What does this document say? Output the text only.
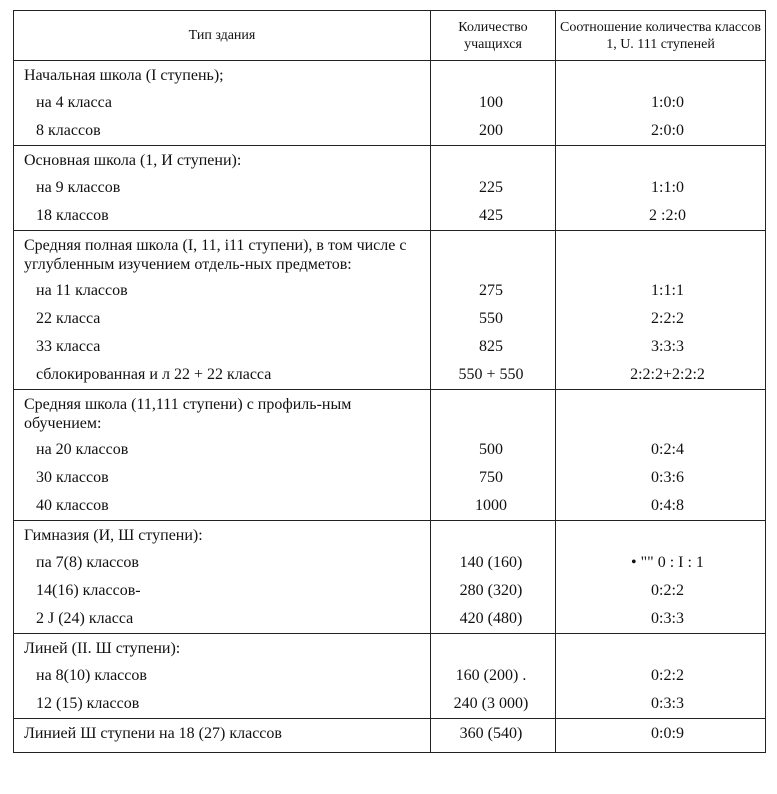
Тип здания	Количество учащихся	Соотношение количества классов 1, U. 111 ступеней
Начальная школа (I ступень);		
на 4 класса	100	1:0:0
8 классов	200	2:0:0
Основная школа (1, И ступени):		
на 9 классов	225	1:1:0
18 классов	425	2 :2:0
Средняя полная школа (I, 11, i11 ступени), в том числе с углубленным изучением отдель-ных предметов:		
на 11 классов	275	1:1:1
22 класса	550	2:2:2
33 класса	825	3:3:3
сблокированная и л 22 + 22 класса	550 + 550	2:2:2+2:2:2
Средняя школа (11,111 ступени) с профиль-ным обучением:		
на 20 классов	500	0:2:4
30 классов	750	0:3:6
40 классов	1000	0:4:8
Гимназия (И, Ш ступени):		
па 7(8) классов	140 (160)	• "" 0 : I : 1
14(16) классов-	280 (320)	0:2:2
2 J (24) класса	420 (480)	0:3:3
Линей (II. Ш ступени):		
на 8(10) классов	160 (200) .	0:2:2
12 (15) классов	240 (3 000)	0:3:3
Линией Ш ступени на 18 (27) классов	360 (540)	0:0:9
